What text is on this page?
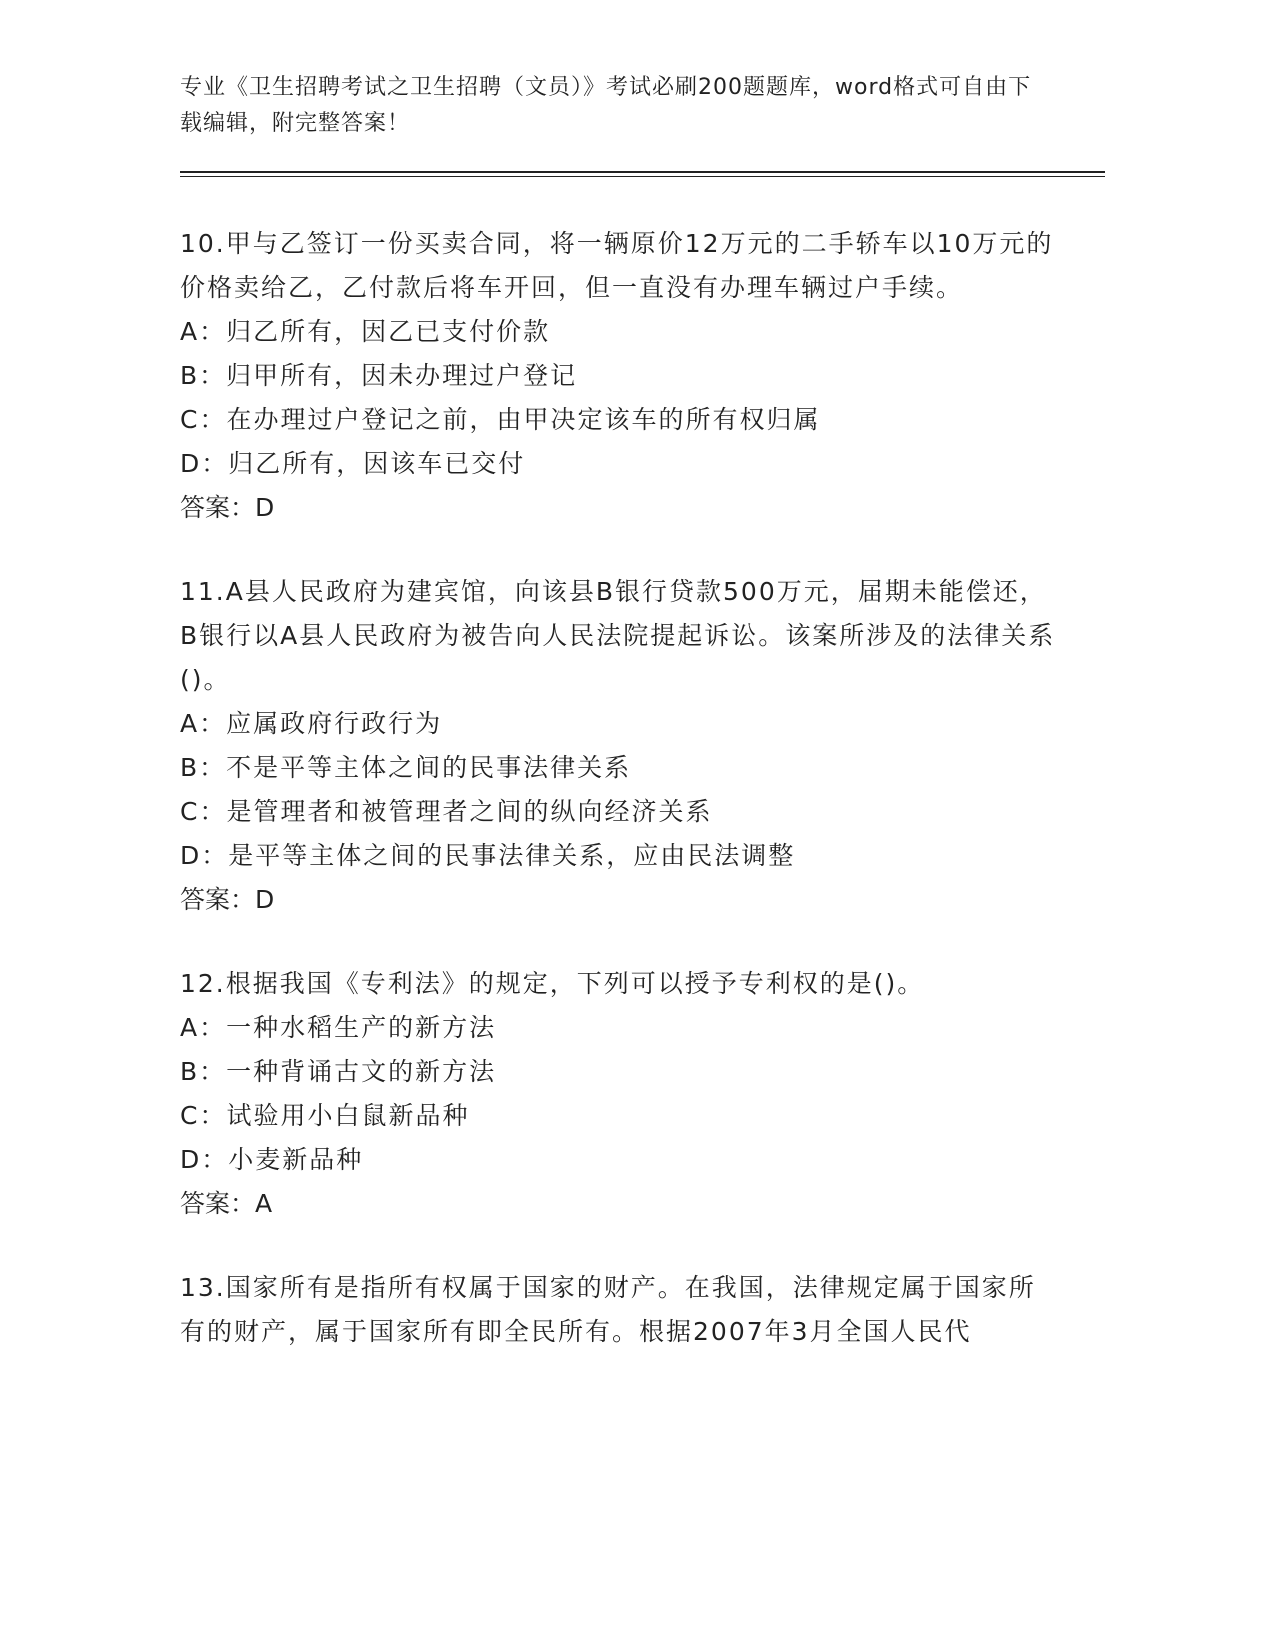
专业《卫生招聘考试之卫生招聘（文员）》考试必刷200题题库，word格式可自由下载编辑，附完整答案！
10.甲与乙签订一份买卖合同，将一辆原价12万元的二手轿车以10万元的价格卖给乙，乙付款后将车开回，但一直没有办理车辆过户手续。
A：归乙所有，因乙已支付价款
B：归甲所有，因未办理过户登记
C：在办理过户登记之前，由甲决定该车的所有权归属
D：归乙所有，因该车已交付
答案：D
11.A县人民政府为建宾馆，向该县B银行贷款500万元，届期未能偿还，B银行以A县人民政府为被告向人民法院提起诉讼。该案所涉及的法律关系()。
A：应属政府行政行为
B：不是平等主体之间的民事法律关系
C：是管理者和被管理者之间的纵向经济关系
D：是平等主体之间的民事法律关系，应由民法调整
答案：D
12.根据我国《专利法》的规定，下列可以授予专利权的是()。
A：一种水稻生产的新方法
B：一种背诵古文的新方法
C：试验用小白鼠新品种
D：小麦新品种
答案：A
13.国家所有是指所有权属于国家的财产。在我国，法律规定属于国家所有的财产，属于国家所有即全民所有。根据2007年3月全国人民代
